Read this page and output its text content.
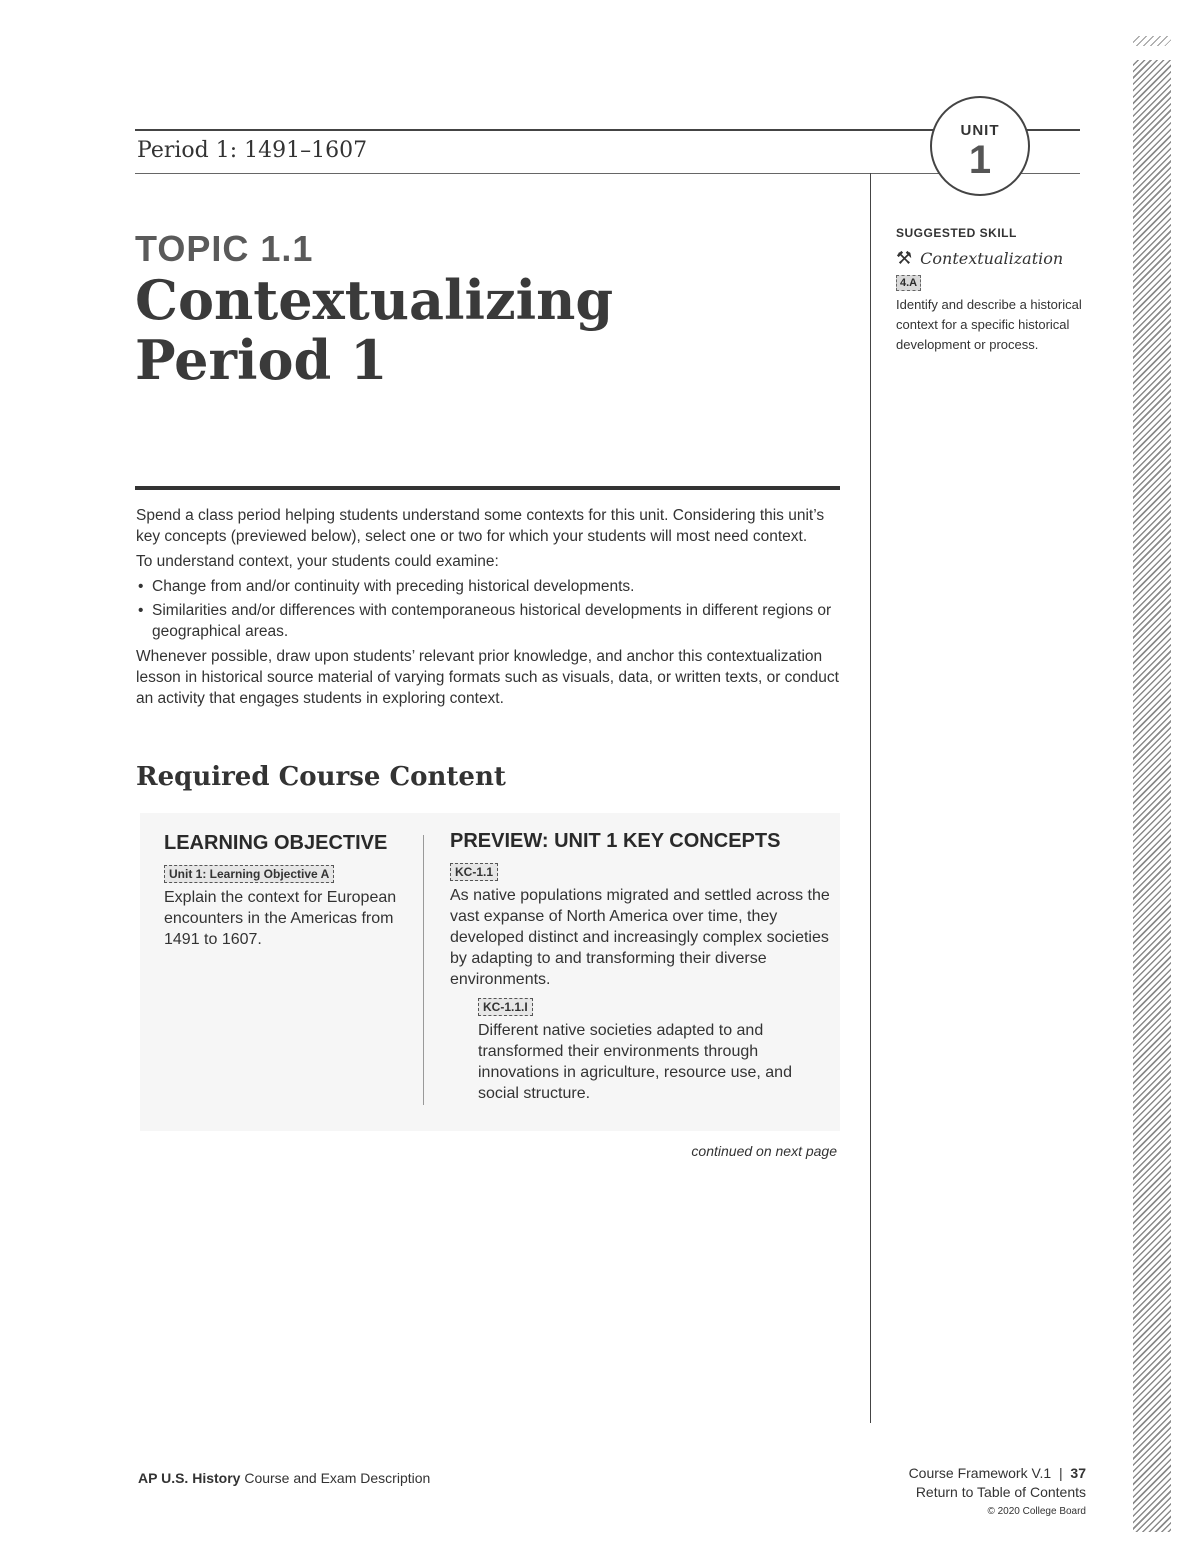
Period 1: 1491–1607
UNIT
1
TOPIC 1.1
Contextualizing
Period 1

Spend a class period helping students understand some contexts for this unit. Considering this unit’s key concepts (previewed below), select one or two for which your students will most need context.

To understand context, your students could examine:

• Change from and/or continuity with preceding historical developments.
• Similarities and/or differences with contemporaneous historical developments in different regions or geographical areas.

Whenever possible, draw upon students’ relevant prior knowledge, and anchor this contextualization lesson in historical source material of varying formats such as visuals, data, or written texts, or conduct an activity that engages students in exploring context.

Required Course Content
LEARNING OBJECTIVE
Unit 1: Learning Objective A
Explain the context for European encounters in the Americas from 1491 to 1607.
PREVIEW: UNIT 1 KEY CONCEPTS
KC-1.1
As native populations migrated and settled across the vast expanse of North America over time, they developed distinct and increasingly complex societies by adapting to and transforming their diverse environments.
KC-1.1.I
Different native societies adapted to and transformed their environments through innovations in agriculture, resource use, and social structure.
continued on next page
SUGGESTED SKILL
⚒ Contextualization
4.A
Identify and describe a historical context for a specific historical development or process.
AP U.S. History Course and Exam Description	Course Framework V.1 | 37
Return to Table of Contents
© 2020 College Board
